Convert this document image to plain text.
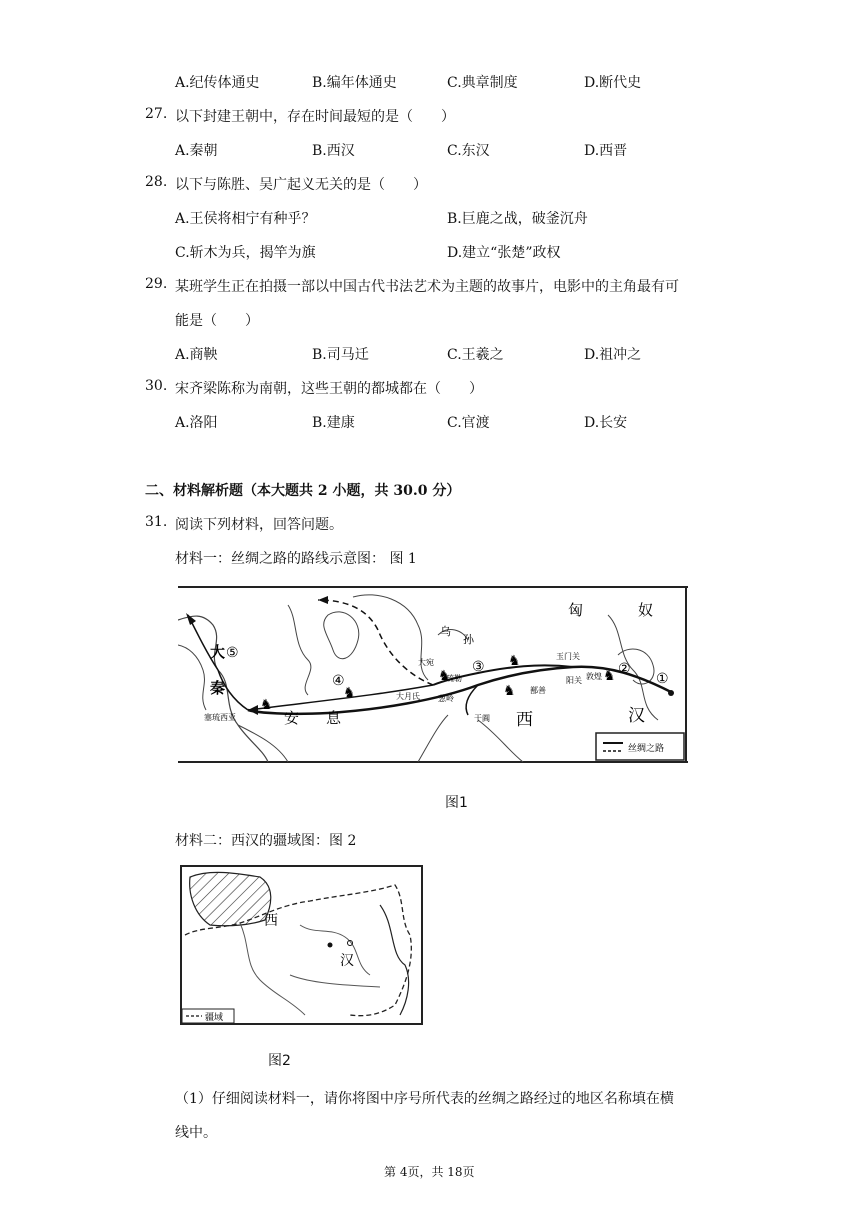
A.纪传体通史	B.编年体通史	C.典章制度	D.断代史
27. 以下封建王朝中，存在时间最短的是（　　）
A.秦朝	B.西汉	C.东汉	D.西晋
28. 以下与陈胜、吴广起义无关的是（　　）
A.王侯将相宁有种乎？	B.巨鹿之战，破釜沉舟
C.斩木为兵，揭竿为旗	D.建立“张楚”政权
29. 某班学生正在拍摄一部以中国古代书法艺术为主题的故事片，电影中的主角最有可
能是（　　）
A.商鞅	B.司马迁	C.王羲之	D.祖冲之
30. 宋齐梁陈称为南朝，这些王朝的都城都在（　　）
A.洛阳	B.建康	C.官渡	D.长安
二、材料解析题（本大题共 2 小题，共 30.0 分）
31. 阅读下列材料，回答问题。
材料一：丝绸之路的路线示意图： 图 1
♞
♞
♞
♞
♞	♞
丝绸之路
匈	奴
乌
孙
大
秦
安 息	西	汉
玉门关
阳关 敦煌
大宛
疏勒
大月氏 葱岭
鄯善
于阗
塞琉西亚
①
②
③
④
⑤
图1
材料二：西汉的疆域图：图 2
西
汉
疆域
图2
（1）仔细阅读材料一，请你将图中序号所代表的丝绸之路经过的地区名称填在横
线中。
第 4页，共 18页
